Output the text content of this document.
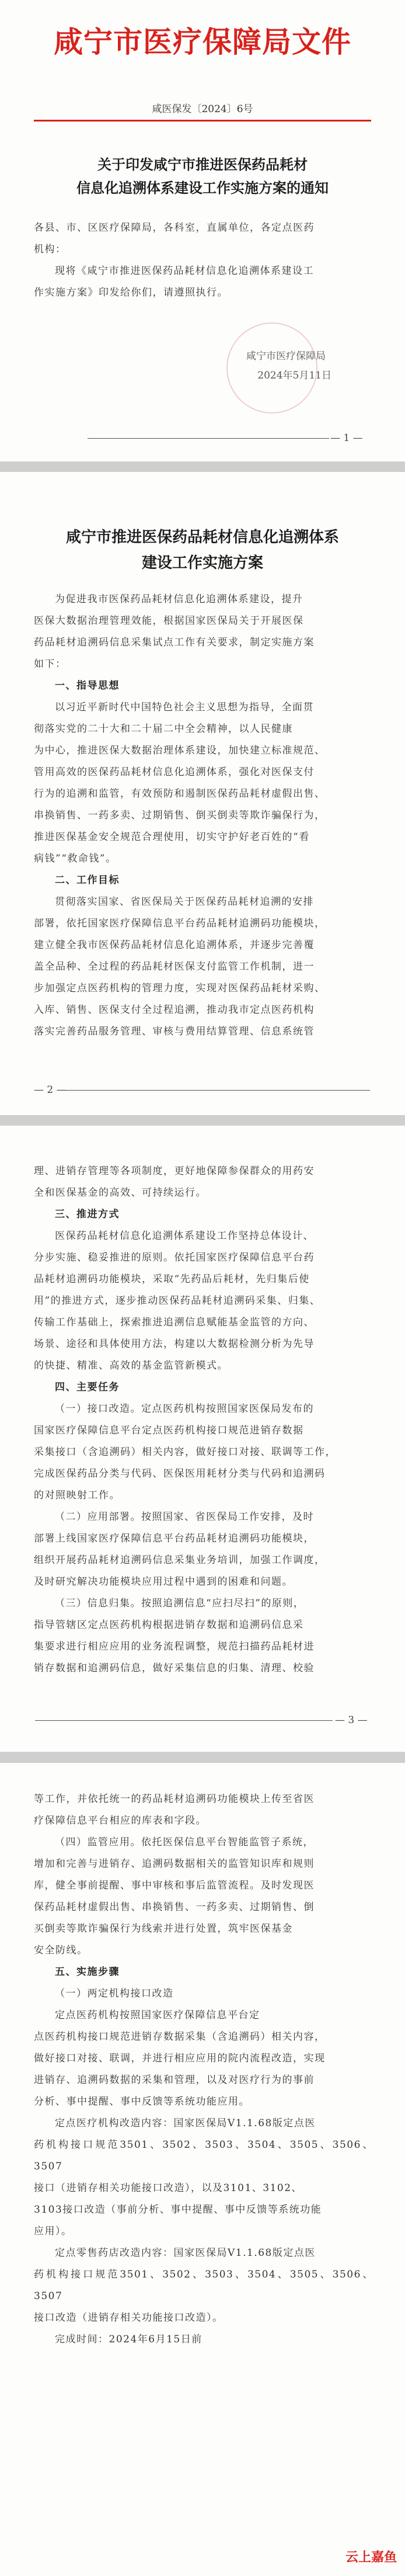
咸宁市医疗保障局文件
咸医保发〔2024〕6号
关于印发咸宁市推进医保药品耗材
信息化追溯体系建设工作实施方案的通知
各县、市、区医疗保障局，各科室，直属单位，各定点医药
机构：
现将《咸宁市推进医保药品耗材信息化追溯体系建设工
作实施方案》印发给你们，请遵照执行。
咸宁市医疗保障局
2024年5月11日
— 1 —
咸宁市推进医保药品耗材信息化追溯体系
建设工作实施方案
为促进我市医保药品耗材信息化追溯体系建设，提升
医保大数据治理管理效能，根据国家医保局关于开展医保
药品耗材追溯码信息采集试点工作有关要求，制定实施方案
如下：
一、指导思想
以习近平新时代中国特色社会主义思想为指导，全面贯
彻落实党的二十大和二十届二中全会精神，以人民健康
为中心，推进医保大数据治理体系建设，加快建立标准规范、
管用高效的医保药品耗材信息化追溯体系，强化对医保支付
行为的追溯和监管，有效预防和遏制医保药品耗材虚假出售、
串换销售、一药多卖、过期销售、倒买倒卖等欺诈骗保行为，
推进医保基金安全规范合理使用，切实守护好老百姓的“看
病钱”“救命钱”。
二、工作目标
贯彻落实国家、省医保局关于医保药品耗材追溯的安排
部署，依托国家医疗保障信息平台药品耗材追溯码功能模块，
建立健全我市医保药品耗材信息化追溯体系，并逐步完善覆
盖全品种、全过程的药品耗材医保支付监管工作机制，进一
步加强定点医药机构的管理力度，实现对医保药品耗材采购、
入库、销售、医保支付全过程追溯，推动我市定点医药机构
落实完善药品服务管理、审核与费用结算管理、信息系统管
— 2 —
理、进销存管理等各项制度，更好地保障参保群众的用药安
全和医保基金的高效、可持续运行。
三、推进方式
医保药品耗材信息化追溯体系建设工作坚持总体设计、
分步实施、稳妥推进的原则。依托国家医疗保障信息平台药
品耗材追溯码功能模块，采取“先药品后耗材，先归集后使
用”的推进方式，逐步推动医保药品耗材追溯码采集、归集、
传输工作基础上，探索推进追溯信息赋能基金监管的方向、
场景、途径和具体使用方法，构建以大数据检测分析为先导
的快捷、精准、高效的基金监管新模式。
四、主要任务
（一）接口改造。定点医药机构按照国家医保局发布的
国家医疗保障信息平台定点医药机构接口规范进销存数据
采集接口（含追溯码）相关内容，做好接口对接、联调等工作，
完成医保药品分类与代码、医保医用耗材分类与代码和追溯码
的对照映射工作。
（二）应用部署。按照国家、省医保局工作安排，及时
部署上线国家医疗保障信息平台药品耗材追溯码功能模块，
组织开展药品耗材追溯码信息采集业务培训，加强工作调度，
及时研究解决功能模块应用过程中遇到的困难和问题。
（三）信息归集。按照追溯信息“应扫尽扫”的原则，
指导管辖区定点医药机构根据进销存数据和追溯码信息采
集要求进行相应应用的业务流程调整，规范扫描药品耗材进
销存数据和追溯码信息，做好采集信息的归集、清理、校验
— 3 —
等工作，并依托统一的药品耗材追溯码功能模块上传至省医
疗保障信息平台相应的库表和字段。
（四）监管应用。依托医保信息平台智能监管子系统，
增加和完善与进销存、追溯码数据相关的监管知识库和规则
库，健全事前提醒、事中审核和事后监管流程。及时发现医
保药品耗材虚假出售、串换销售、一药多卖、过期销售、倒
买倒卖等欺诈骗保行为线索并进行处置，筑牢医保基金
安全防线。
五、实施步骤
（一）两定机构接口改造
定点医药机构按照国家医疗保障信息平台定
点医药机构接口规范进销存数据采集（含追溯码）相关内容，
做好接口对接、联调，并进行相应应用的院内流程改造，实现
进销存、追溯码数据的采集和管理，以及对医疗行为的事前
分析、事中提醒、事中反馈等系统功能应用。
定点医疗机构改造内容：国家医保局V1.1.68版定点医
药机构接口规范3501、3502、3503、3504、3505、3506、3507
接口（进销存相关功能接口改造），以及3101、3102、
3103接口改造（事前分析、事中提醒、事中反馈等系统功能
应用）。
定点零售药店改造内容：国家医保局V1.1.68版定点医
药机构接口规范3501、3502、3503、3504、3505、3506、3507
接口改造（进销存相关功能接口改造）。
完成时间：2024年6月15日前
云上嘉鱼
